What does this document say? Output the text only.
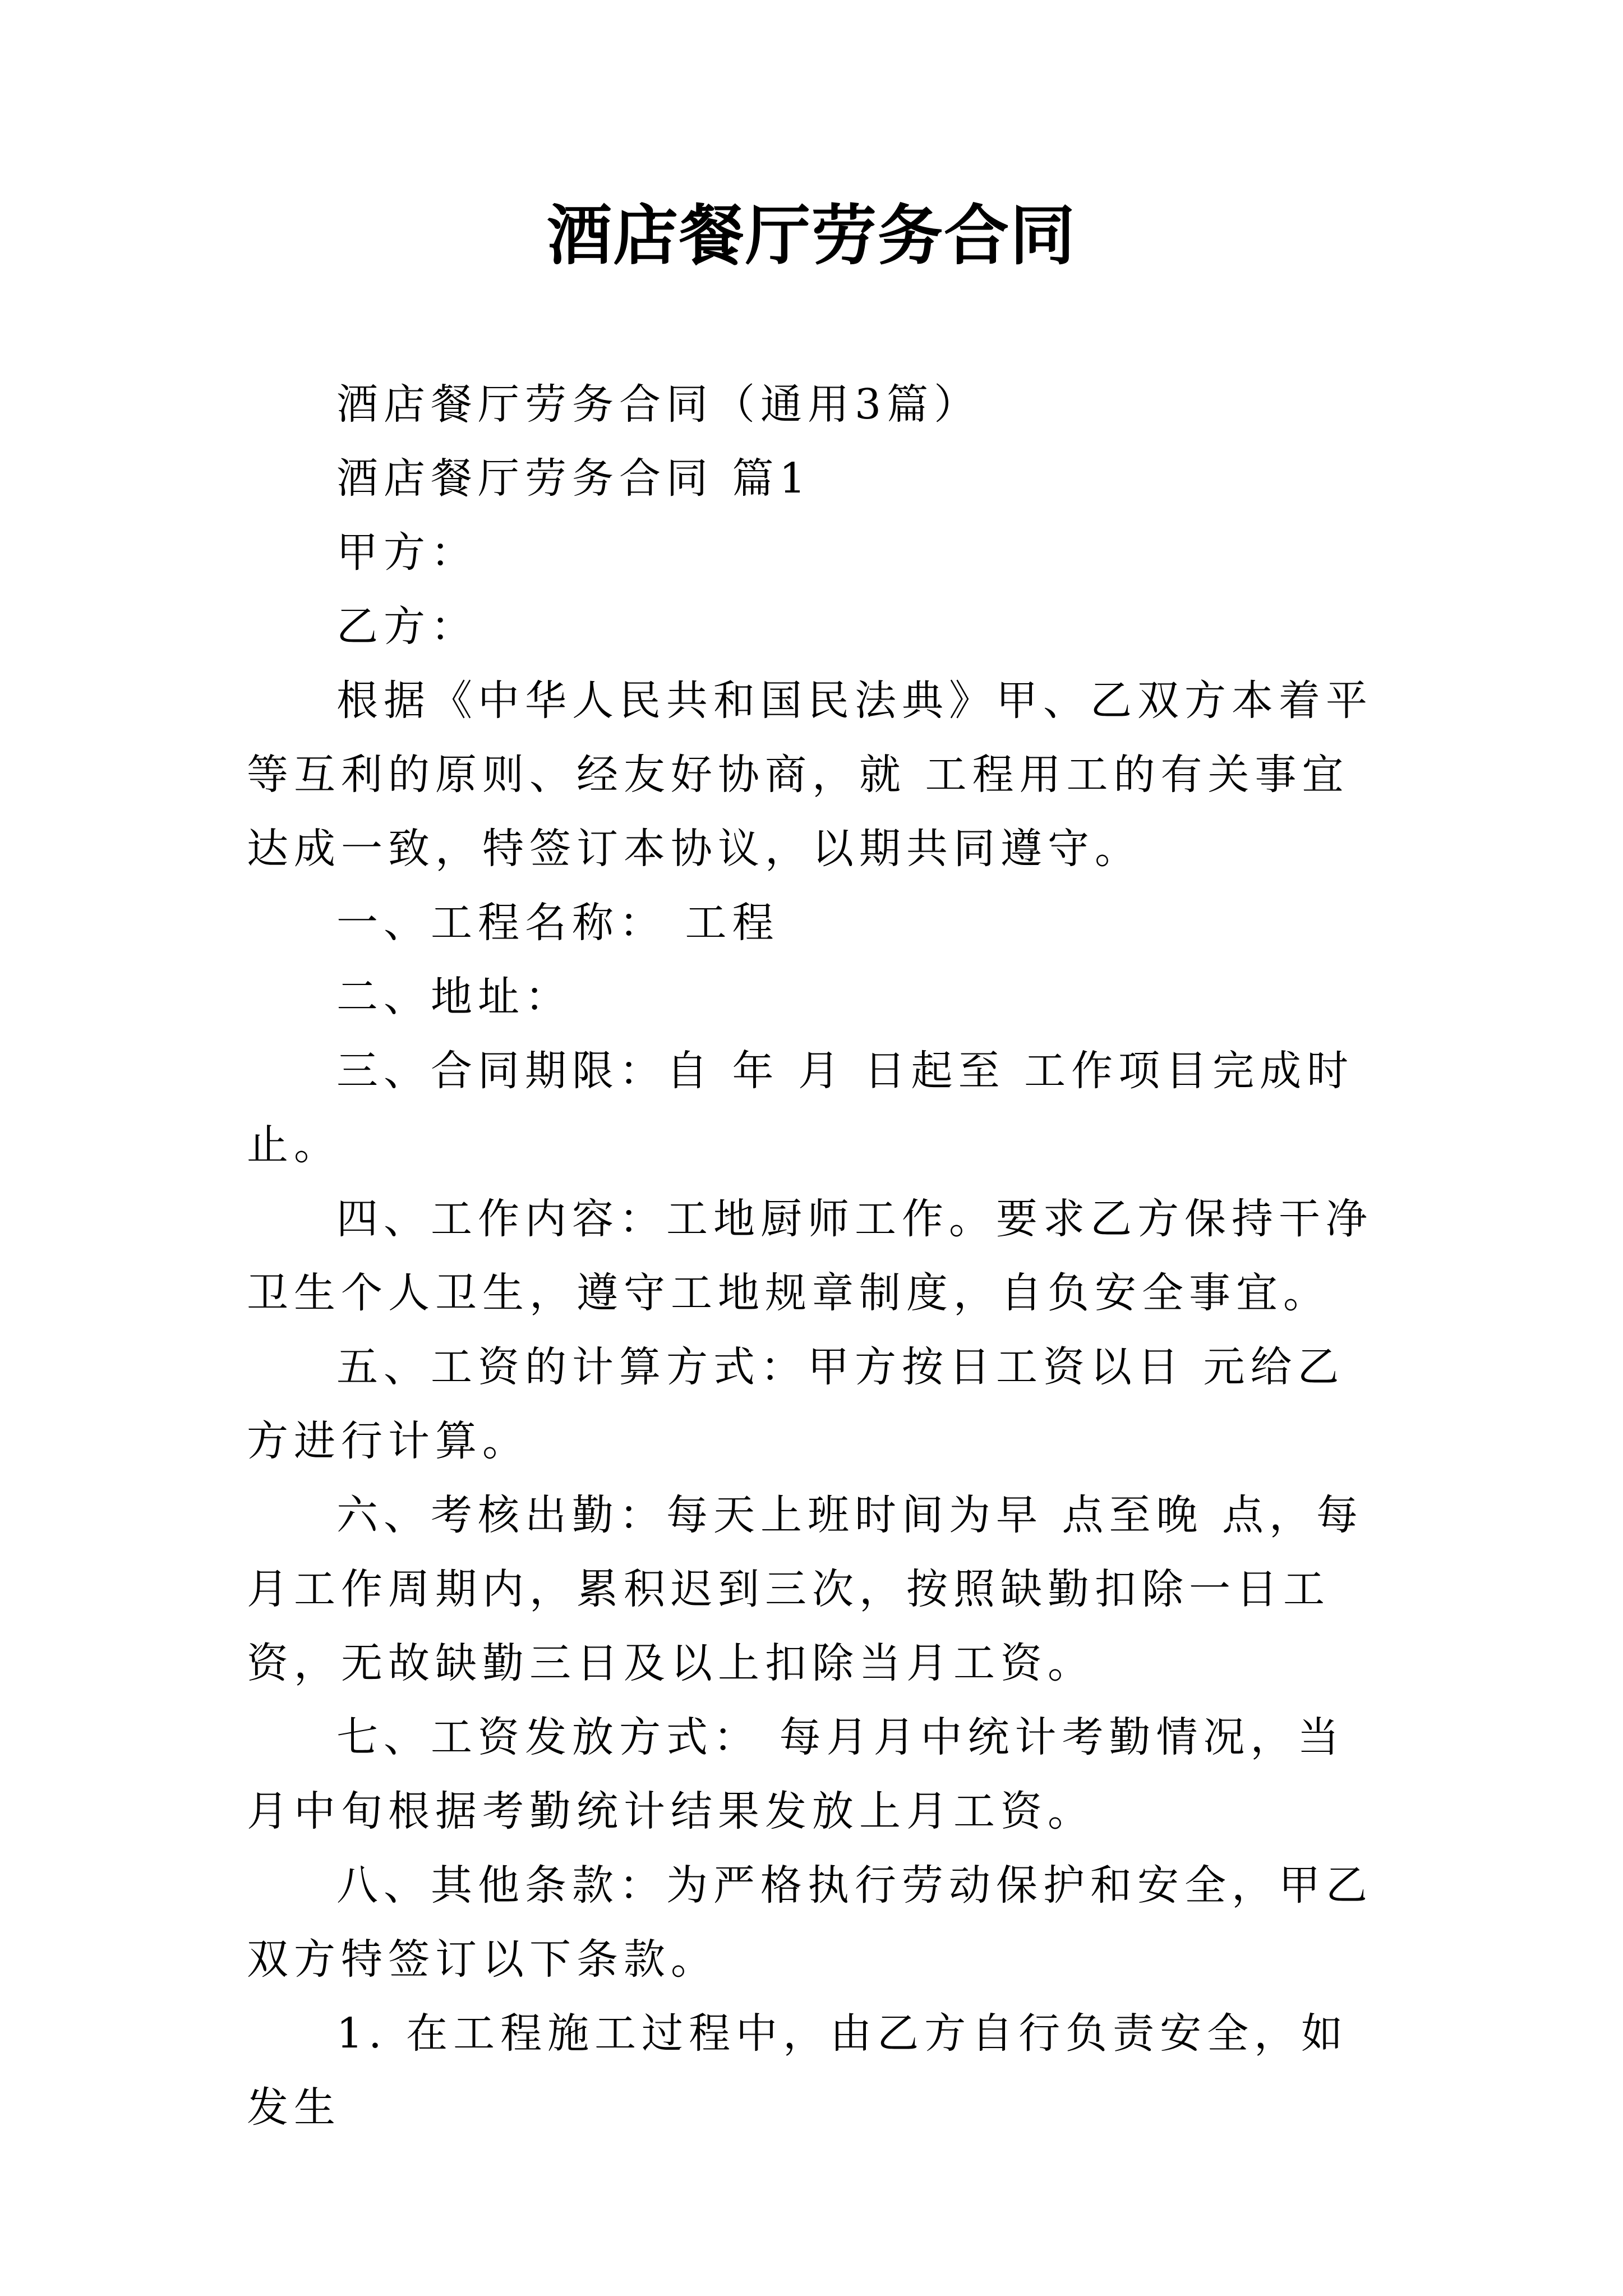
酒店餐厅劳务合同

酒店餐厅劳务合同（通用3篇）

酒店餐厅劳务合同 篇1

甲方：

乙方：

根据《中华人民共和国民法典》甲、乙双方本着平等互利的原则、经友好协商，就 工程用工的有关事宜达成一致，特签订本协议，以期共同遵守。

一、工程名称： 工程

二、地址：

三、合同期限：自 年 月 日起至 工作项目完成时止。

四、工作内容：工地厨师工作。要求乙方保持干净卫生个人卫生，遵守工地规章制度，自负安全事宜。

五、工资的计算方式：甲方按日工资以日 元给乙方进行计算。

六、考核出勤：每天上班时间为早 点至晚 点，每月工作周期内，累积迟到三次，按照缺勤扣除一日工资，无故缺勤三日及以上扣除当月工资。

七、工资发放方式： 每月月中统计考勤情况，当月中旬根据考勤统计结果发放上月工资。

八、其他条款：为严格执行劳动保护和安全，甲乙双方特签订以下条款。

1. 在工程施工过程中，由乙方自行负责安全，如发生
